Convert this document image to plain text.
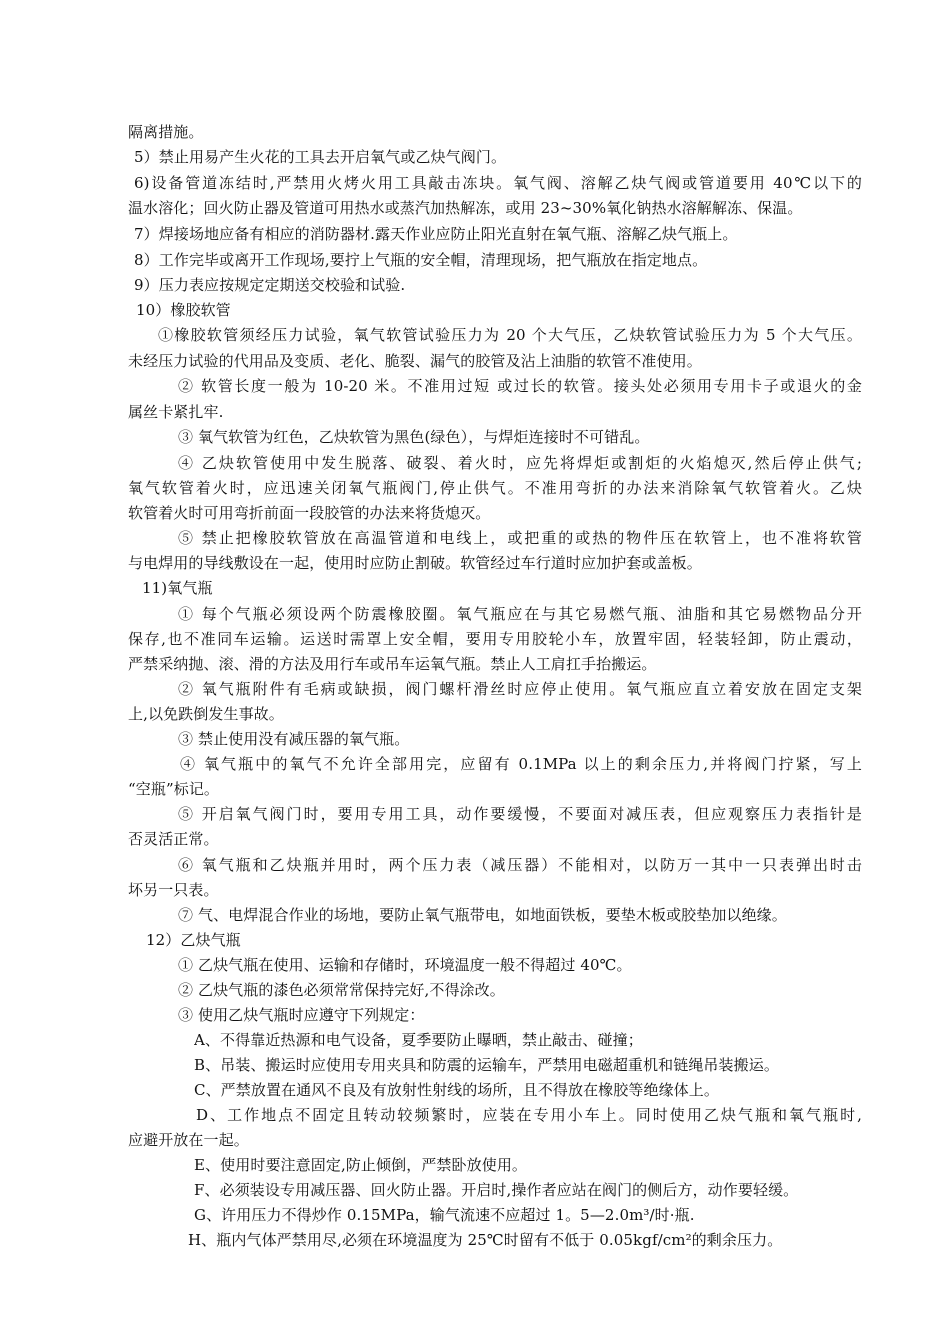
隔离措施。
5）禁止用易产生火花的工具去开启氧气或乙炔气阀门。
6)设备管道冻结时,严禁用火烤火用工具敲击冻块。氧气阀、溶解乙炔气阀或管道要用 40℃以下的
温水溶化；回火防止器及管道可用热水或蒸汽加热解冻，或用 23~30%氧化钠热水溶解解冻、保温。
7）焊接场地应备有相应的消防器材.露天作业应防止阳光直射在氧气瓶、溶解乙炔气瓶上。
8）工作完毕或离开工作现场,要拧上气瓶的安全帽，清理现场，把气瓶放在指定地点。
9）压力表应按规定定期送交校验和试验.
10）橡胶软管
①橡胶软管须经压力试验，氧气软管试验压力为 20 个大气压，乙炔软管试验压力为 5 个大气压。
未经压力试验的代用品及变质、老化、脆裂、漏气的胶管及沾上油脂的软管不准使用。
② 软管长度一般为 10-20 米。不准用过短 或过长的软管。接头处必须用专用卡子或退火的金
属丝卡紧扎牢.
③ 氧气软管为红色，乙炔软管为黑色(绿色），与焊炬连接时不可错乱。
④ 乙炔软管使用中发生脱落、破裂、着火时，应先将焊炬或割炬的火焰熄灭,然后停止供气;
氧气软管着火时，应迅速关闭氧气瓶阀门,停止供气。不准用弯折的办法来消除氧气软管着火。乙炔
软管着火时可用弯折前面一段胶管的办法来将货熄灭。
⑤ 禁止把橡胶软管放在高温管道和电线上，或把重的或热的物件压在软管上，也不准将软管
与电焊用的导线敷设在一起，使用时应防止割破。软管经过车行道时应加护套或盖板。
11)氧气瓶
① 每个气瓶必须设两个防震橡胶圈。氧气瓶应在与其它易燃气瓶、油脂和其它易燃物品分开
保存,也不准同车运输。运送时需罩上安全帽，要用专用胶轮小车，放置牢固，轻装轻卸，防止震动，
严禁采纳抛、滚、滑的方法及用行车或吊车运氧气瓶。禁止人工肩扛手抬搬运。
② 氧气瓶附件有毛病或缺损，阀门螺杆滑丝时应停止使用。氧气瓶应直立着安放在固定支架
上,以免跌倒发生事故。
③ 禁止使用没有减压器的氧气瓶。
④ 氧气瓶中的氧气不允许全部用完，应留有 0.1MPa 以上的剩余压力,并将阀门拧紧，写上
“空瓶”标记。
⑤ 开启氧气阀门时，要用专用工具，动作要缓慢，不要面对减压表，但应观察压力表指针是
否灵活正常。
⑥ 氧气瓶和乙炔瓶并用时，两个压力表（减压器）不能相对，以防万一其中一只表弹出时击
坏另一只表。
⑦ 气、电焊混合作业的场地，要防止氧气瓶带电，如地面铁板，要垫木板或胶垫加以绝缘。
12）乙炔气瓶
① 乙炔气瓶在使用、运输和存储时，环境温度一般不得超过 40℃。
② 乙炔气瓶的漆色必须常常保持完好,不得涂改。
③ 使用乙炔气瓶时应遵守下列规定：
A、不得靠近热源和电气设备，夏季要防止曝晒，禁止敲击、碰撞；
B、吊装、搬运时应使用专用夹具和防震的运输车，严禁用电磁超重机和链绳吊装搬运。
C、严禁放置在通风不良及有放射性射线的场所，且不得放在橡胶等绝缘体上。
D、工作地点不固定且转动较频繁时，应装在专用小车上。同时使用乙炔气瓶和氧气瓶时,
应避开放在一起。
E、使用时要注意固定,防止倾倒，严禁卧放使用。
F、必须装设专用减压器、回火防止器。开启时,操作者应站在阀门的侧后方，动作要轻缓。
G、许用压力不得炒作 0.15MPa，输气流速不应超过 1。5—2.0m³/时·瓶.
H、瓶内气体严禁用尽,必须在环境温度为 25℃时留有不低于 0.05kgf/cm²的剩余压力。
